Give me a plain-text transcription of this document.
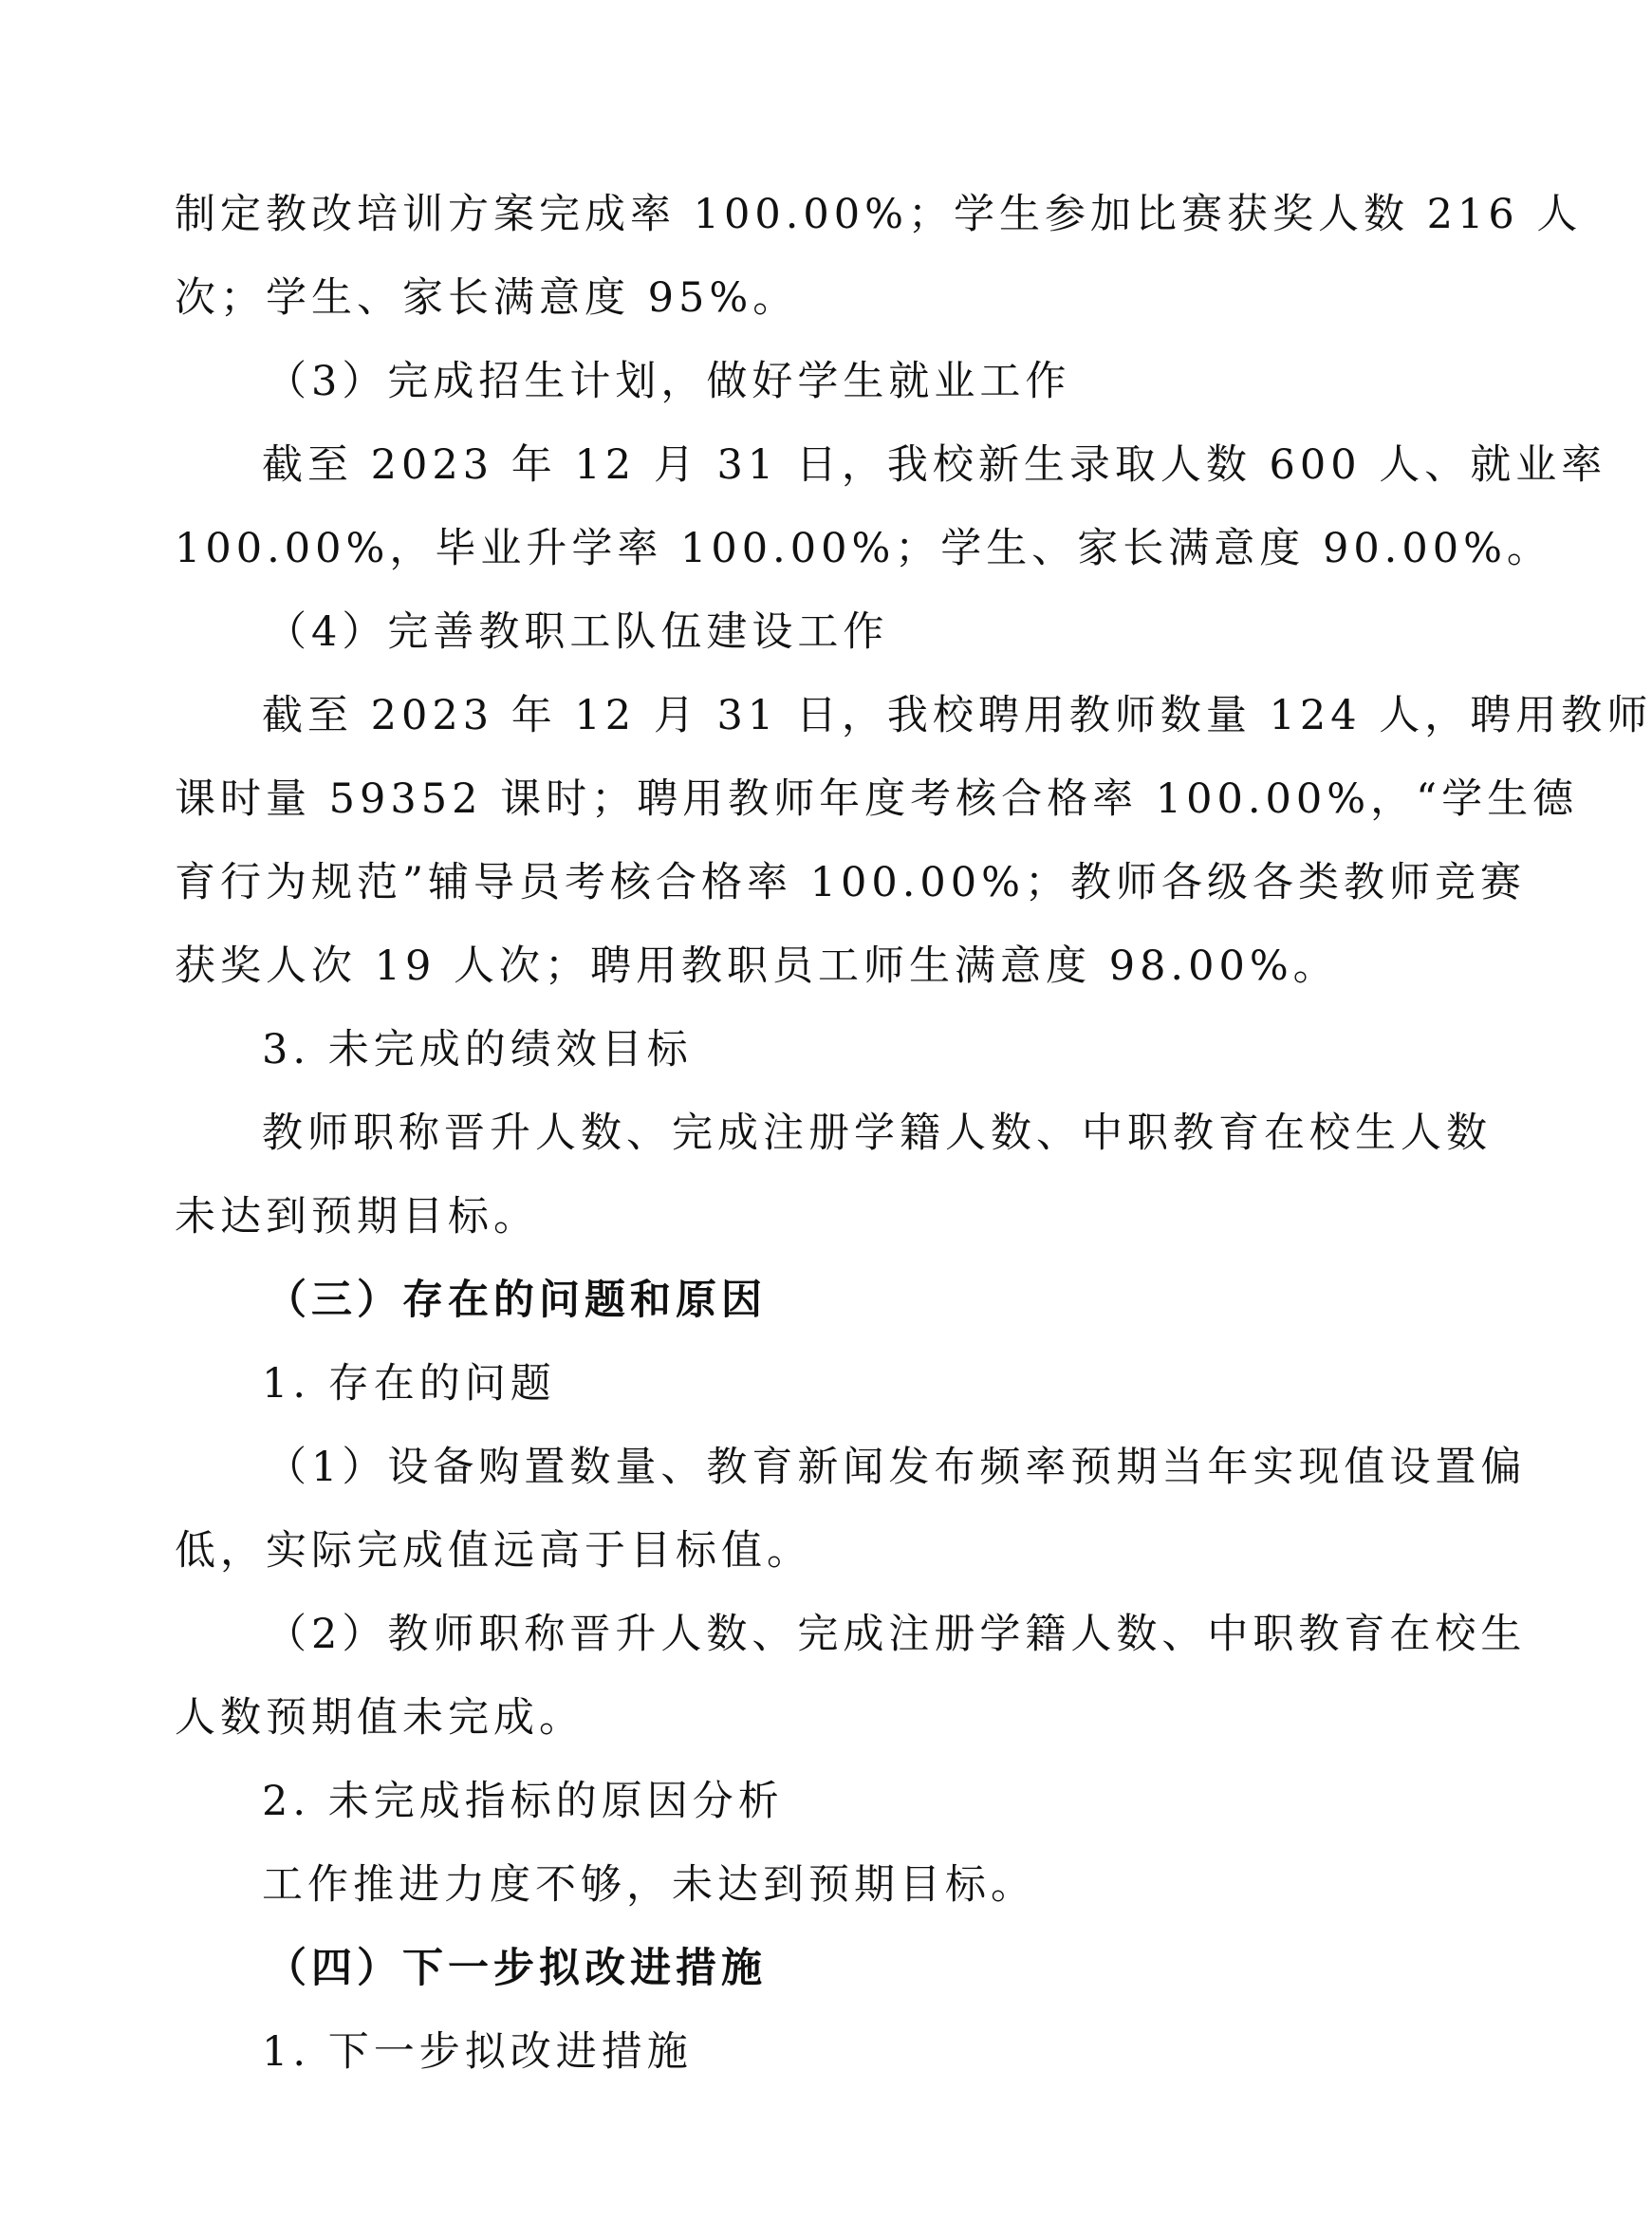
制定教改培训方案完成率 100.00%；学生参加比赛获奖人数 216 人
次；学生、家长满意度 95%。
（3）完成招生计划，做好学生就业工作
截至 2023 年 12 月 31 日，我校新生录取人数 600 人、就业率
100.00%，毕业升学率 100.00%；学生、家长满意度 90.00%。
（4）完善教职工队伍建设工作
截至 2023 年 12 月 31 日，我校聘用教师数量 124 人，聘用教师
课时量 59352 课时；聘用教师年度考核合格率 100.00%，“学生德
育行为规范”辅导员考核合格率 100.00%；教师各级各类教师竞赛
获奖人次 19 人次；聘用教职员工师生满意度 98.00%。
3. 未完成的绩效目标
教师职称晋升人数、完成注册学籍人数、中职教育在校生人数
未达到预期目标。
（三）存在的问题和原因
1. 存在的问题
（1）设备购置数量、教育新闻发布频率预期当年实现值设置偏
低，实际完成值远高于目标值。
（2）教师职称晋升人数、完成注册学籍人数、中职教育在校生
人数预期值未完成。
2. 未完成指标的原因分析
工作推进力度不够，未达到预期目标。
（四）下一步拟改进措施
1. 下一步拟改进措施
